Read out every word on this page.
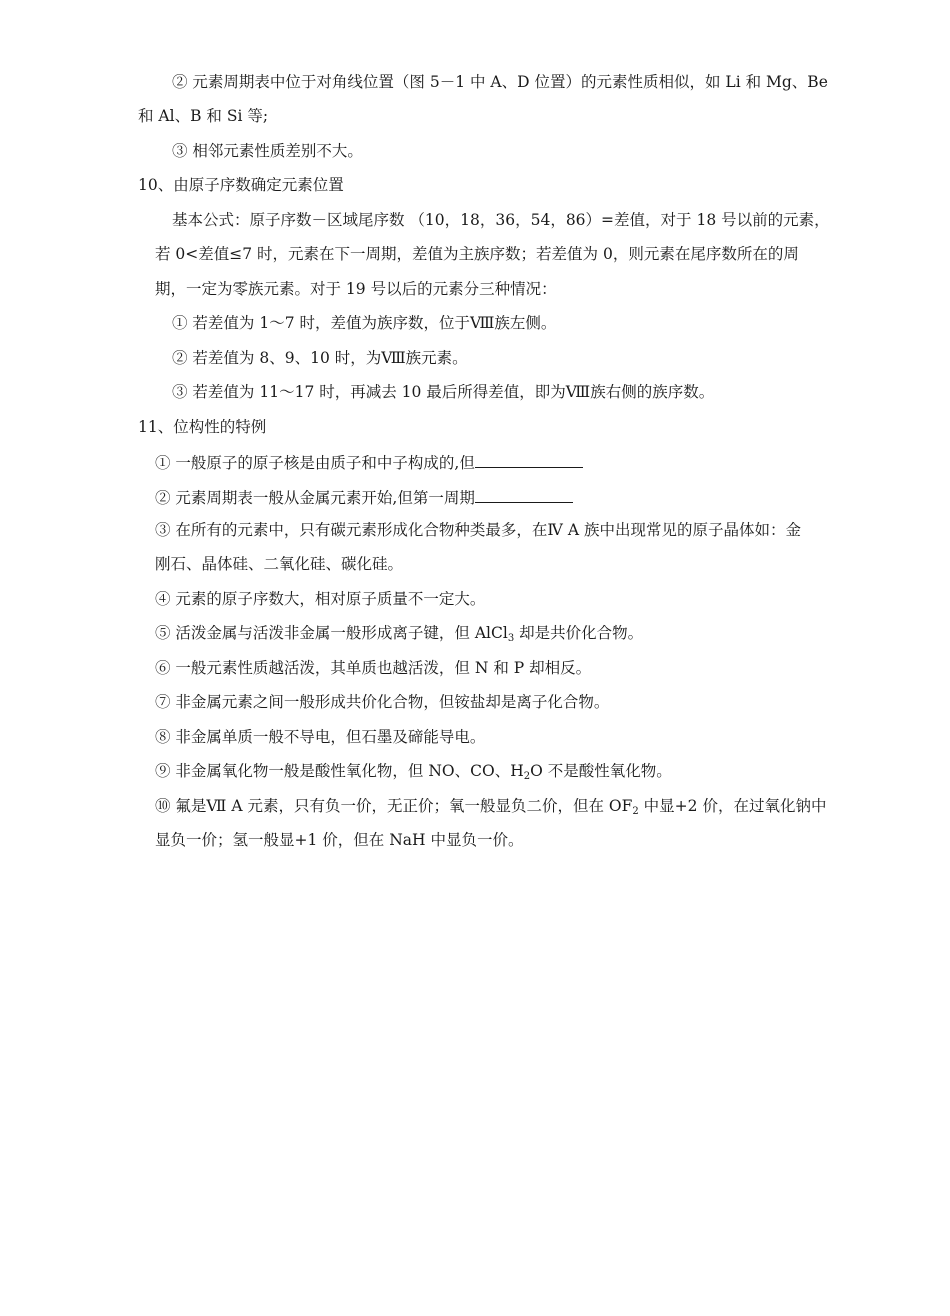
② 元素周期表中位于对角线位置（图 5－1 中 A、D 位置）的元素性质相似，如 Li 和 Mg、Be
和 Al、B 和 Si 等;
③ 相邻元素性质差别不大。
10、由原子序数确定元素位置
基本公式：原子序数－区域尾序数 （10，18，36，54，86）=差值，对于 18 号以前的元素，
若 0<差值≤7 时，元素在下一周期，差值为主族序数；若差值为 0，则元素在尾序数所在的周
期，一定为零族元素。对于 19 号以后的元素分三种情况：
① 若差值为 1～7 时，差值为族序数，位于Ⅷ族左侧。
② 若差值为 8、9、10 时，为Ⅷ族元素。
③ 若差值为 11～17 时，再减去 10 最后所得差值，即为Ⅷ族右侧的族序数。
11、位构性的特例
① 一般原子的原子核是由质子和中子构成的,但
② 元素周期表一般从金属元素开始,但第一周期
③ 在所有的元素中，只有碳元素形成化合物种类最多，在Ⅳ A 族中出现常见的原子晶体如：金
刚石、晶体硅、二氧化硅、碳化硅。
④ 元素的原子序数大，相对原子质量不一定大。
⑤ 活泼金属与活泼非金属一般形成离子键，但 AlCl$_3$ 却是共价化合物。
⑥ 一般元素性质越活泼，其单质也越活泼，但 N 和 P 却相反。
⑦ 非金属元素之间一般形成共价化合物，但铵盐却是离子化合物。
⑧ 非金属单质一般不导电，但石墨及碲能导电。
⑨ 非金属氧化物一般是酸性氧化物，但 NO、CO、$H_2O$ 不是酸性氧化物。
⑩ 氟是Ⅶ A 元素，只有负一价，无正价；氧一般显负二价，但在 $OF_2$ 中显+2 价，在过氧化钠中
显负一价；氢一般显+1 价，但在 NaH 中显负一价。
